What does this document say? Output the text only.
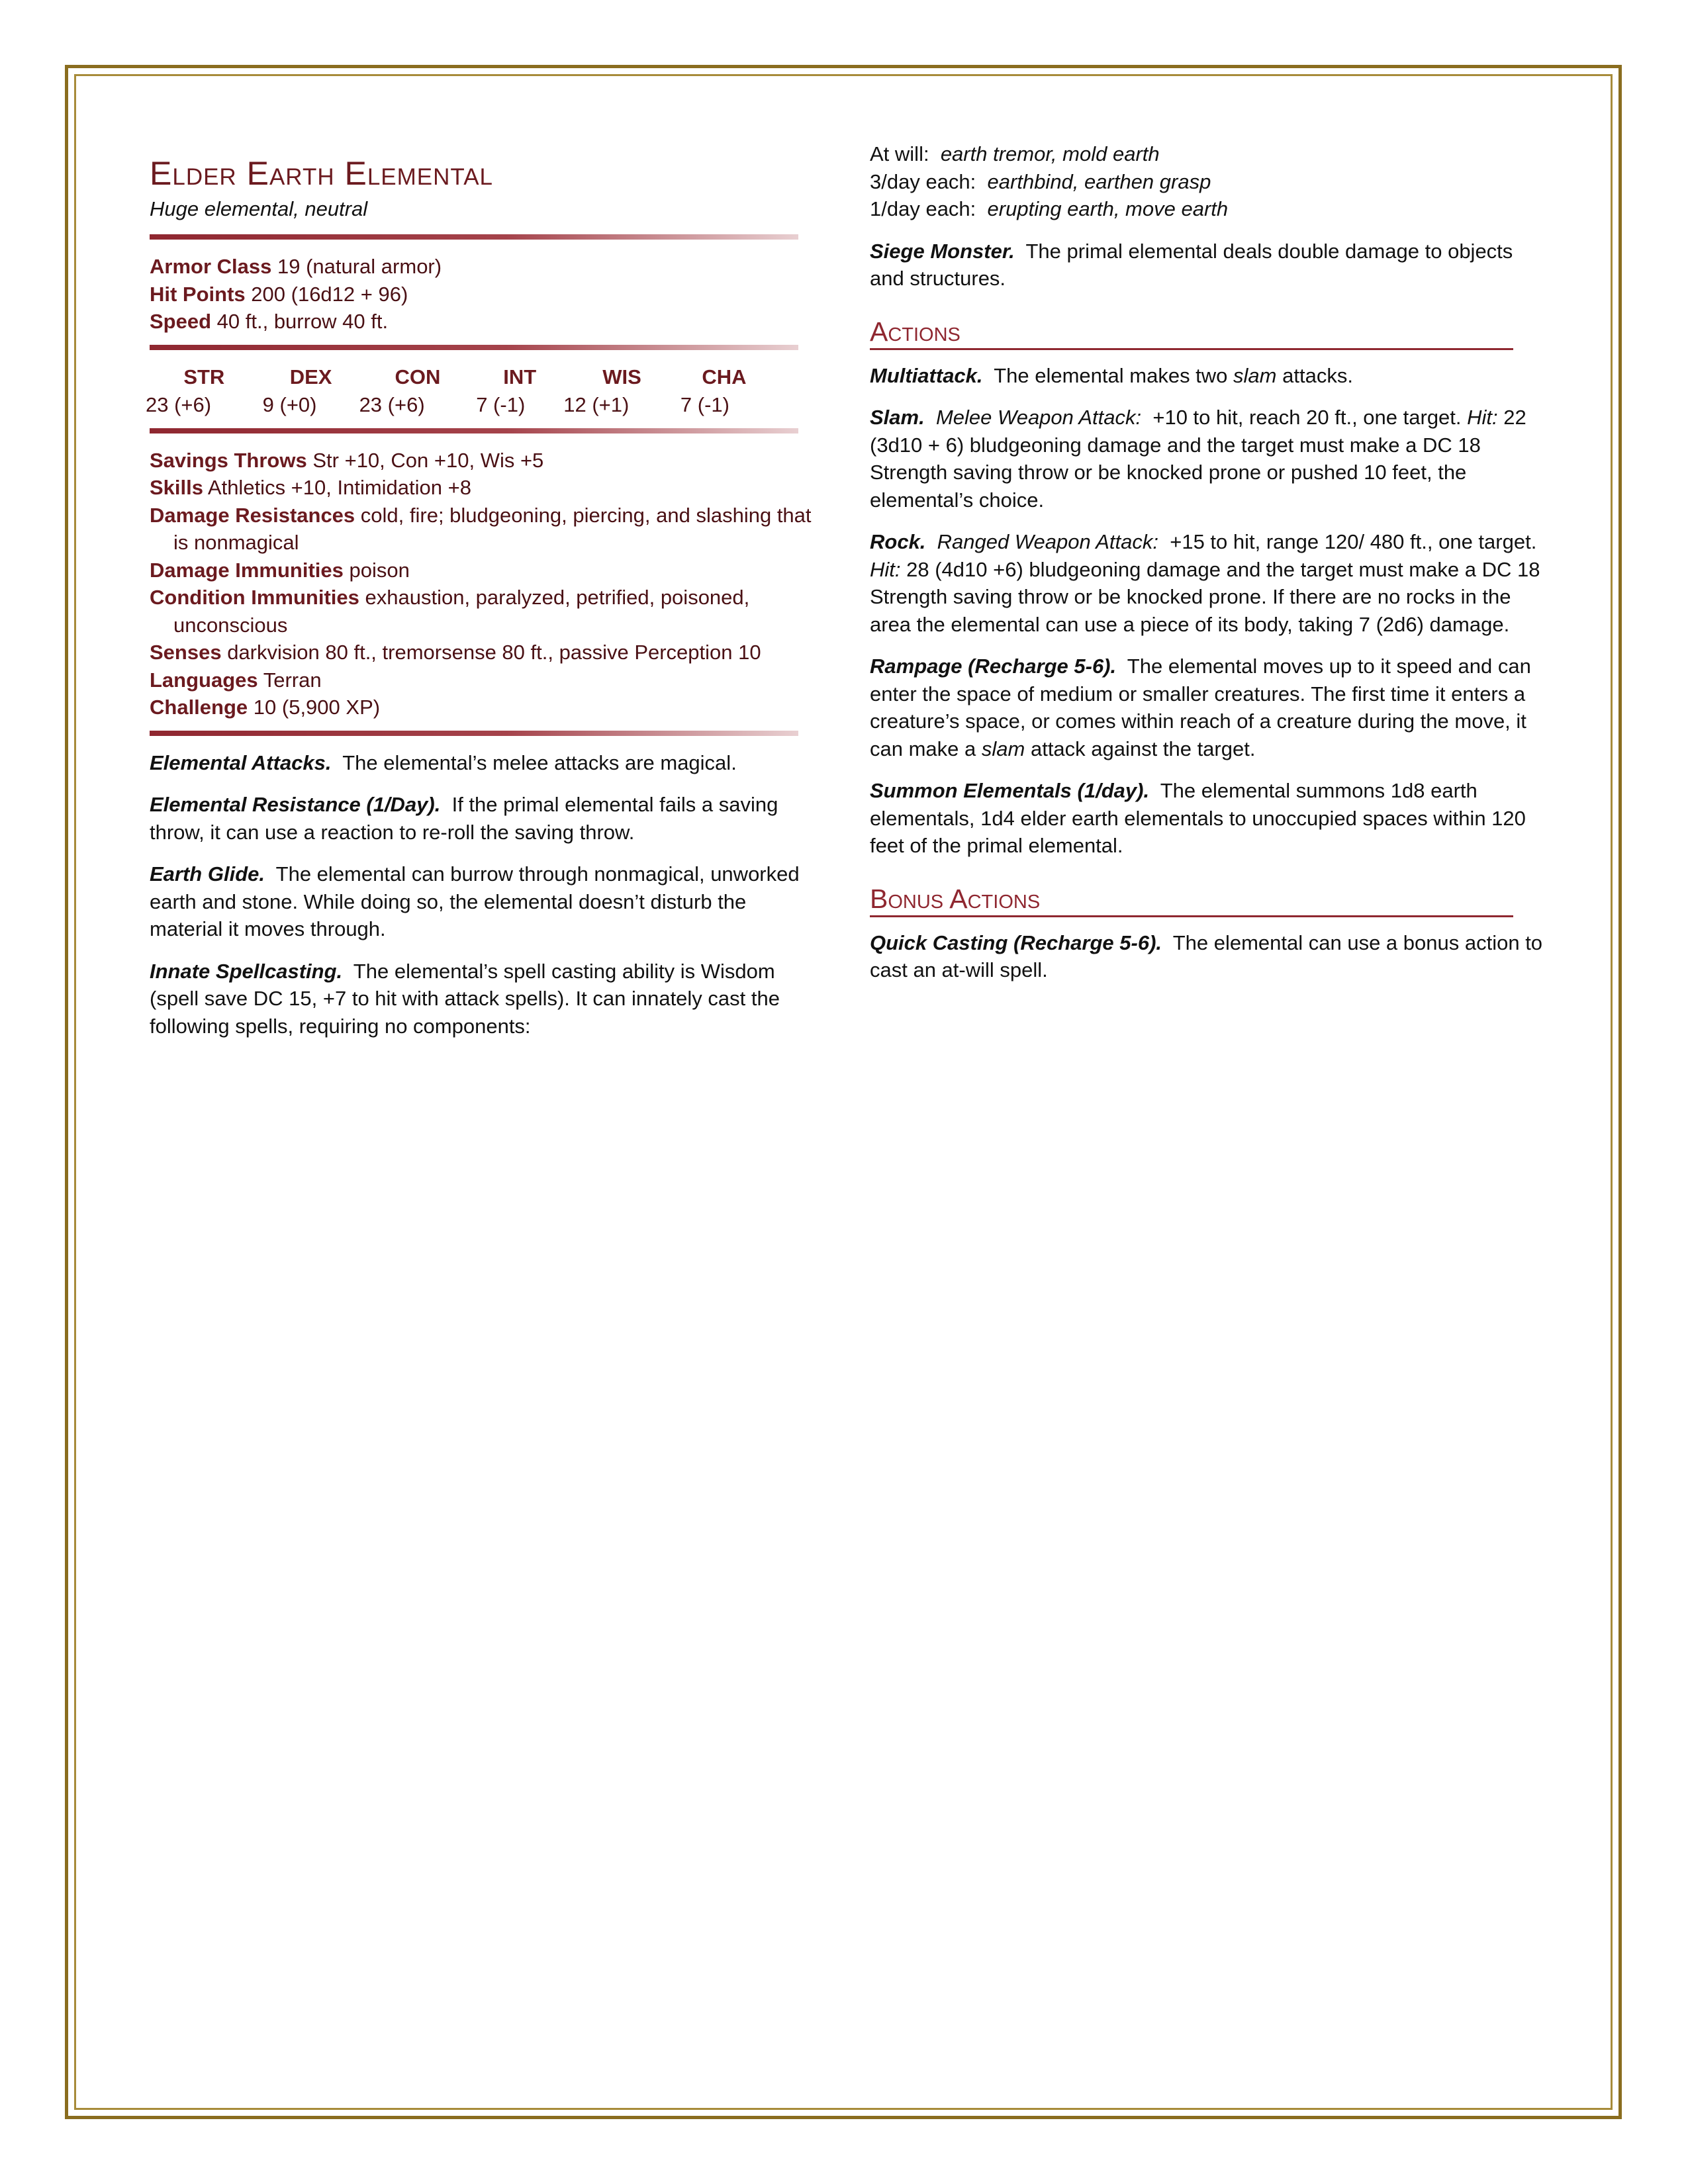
Elder Earth Elemental
Huge elemental, neutral
Armor Class 19 (natural armor)
Hit Points 200 (16d12 + 96)
Speed 40 ft., burrow 40 ft.
STR	DEX	CON	INT	WIS	CHA
23 (+6)	9 (+0)	23 (+6)	7 (-1)	12 (+1)	7 (-1)
Savings Throws Str +10, Con +10, Wis +5
Skills Athletics +10, Intimidation +8
Damage Resistances cold, fire; bludgeoning, piercing, and slashing that is nonmagical
Damage Immunities poison
Condition Immunities exhaustion, paralyzed, petrified, poisoned, unconscious
Senses darkvision 80 ft., tremorsense 80 ft., passive Perception 10
Languages Terran
Challenge 10 (5,900 XP)

Elemental Attacks. The elemental’s melee attacks are magical.

Elemental Resistance (1/Day). If the primal elemental fails a saving throw, it can use a reaction to re-roll the saving throw.

Earth Glide. The elemental can burrow through nonmagical, unworked earth and stone. While doing so, the elemental doesn’t disturb the material it moves through.

Innate Spellcasting. The elemental’s spell casting ability is Wisdom (spell save DC 15, +7 to hit with attack spells). It can innately cast the following spells, requiring no components:

At will: earth tremor, mold earth
3/day each: earthbind, earthen grasp
1/day each: erupting earth, move earth

Siege Monster. The primal elemental deals double damage to objects and structures.

Actions

Multiattack. The elemental makes two slam attacks.

Slam. Melee Weapon Attack: +10 to hit, reach 20 ft., one target. Hit: 22 (3d10 + 6) bludgeoning damage and the target must make a DC 18 Strength saving throw or be knocked prone or pushed 10 feet, the elemental’s choice.

Rock. Ranged Weapon Attack: +15 to hit, range 120/ 480 ft., one target. Hit: 28 (4d10 +6) bludgeoning damage and the target must make a DC 18 Strength saving throw or be knocked prone. If there are no rocks in the area the elemental can use a piece of its body, taking 7 (2d6) damage.

Rampage (Recharge 5-6). The elemental moves up to it speed and can enter the space of medium or smaller creatures. The first time it enters a creature’s space, or comes within reach of a creature during the move, it can make a slam attack against the target.

Summon Elementals (1/day). The elemental summons 1d8 earth elementals, 1d4 elder earth elementals to unoccupied spaces within 120 feet of the primal elemental.

Bonus Actions

Quick Casting (Recharge 5-6). The elemental can use a bonus action to cast an at-will spell.
